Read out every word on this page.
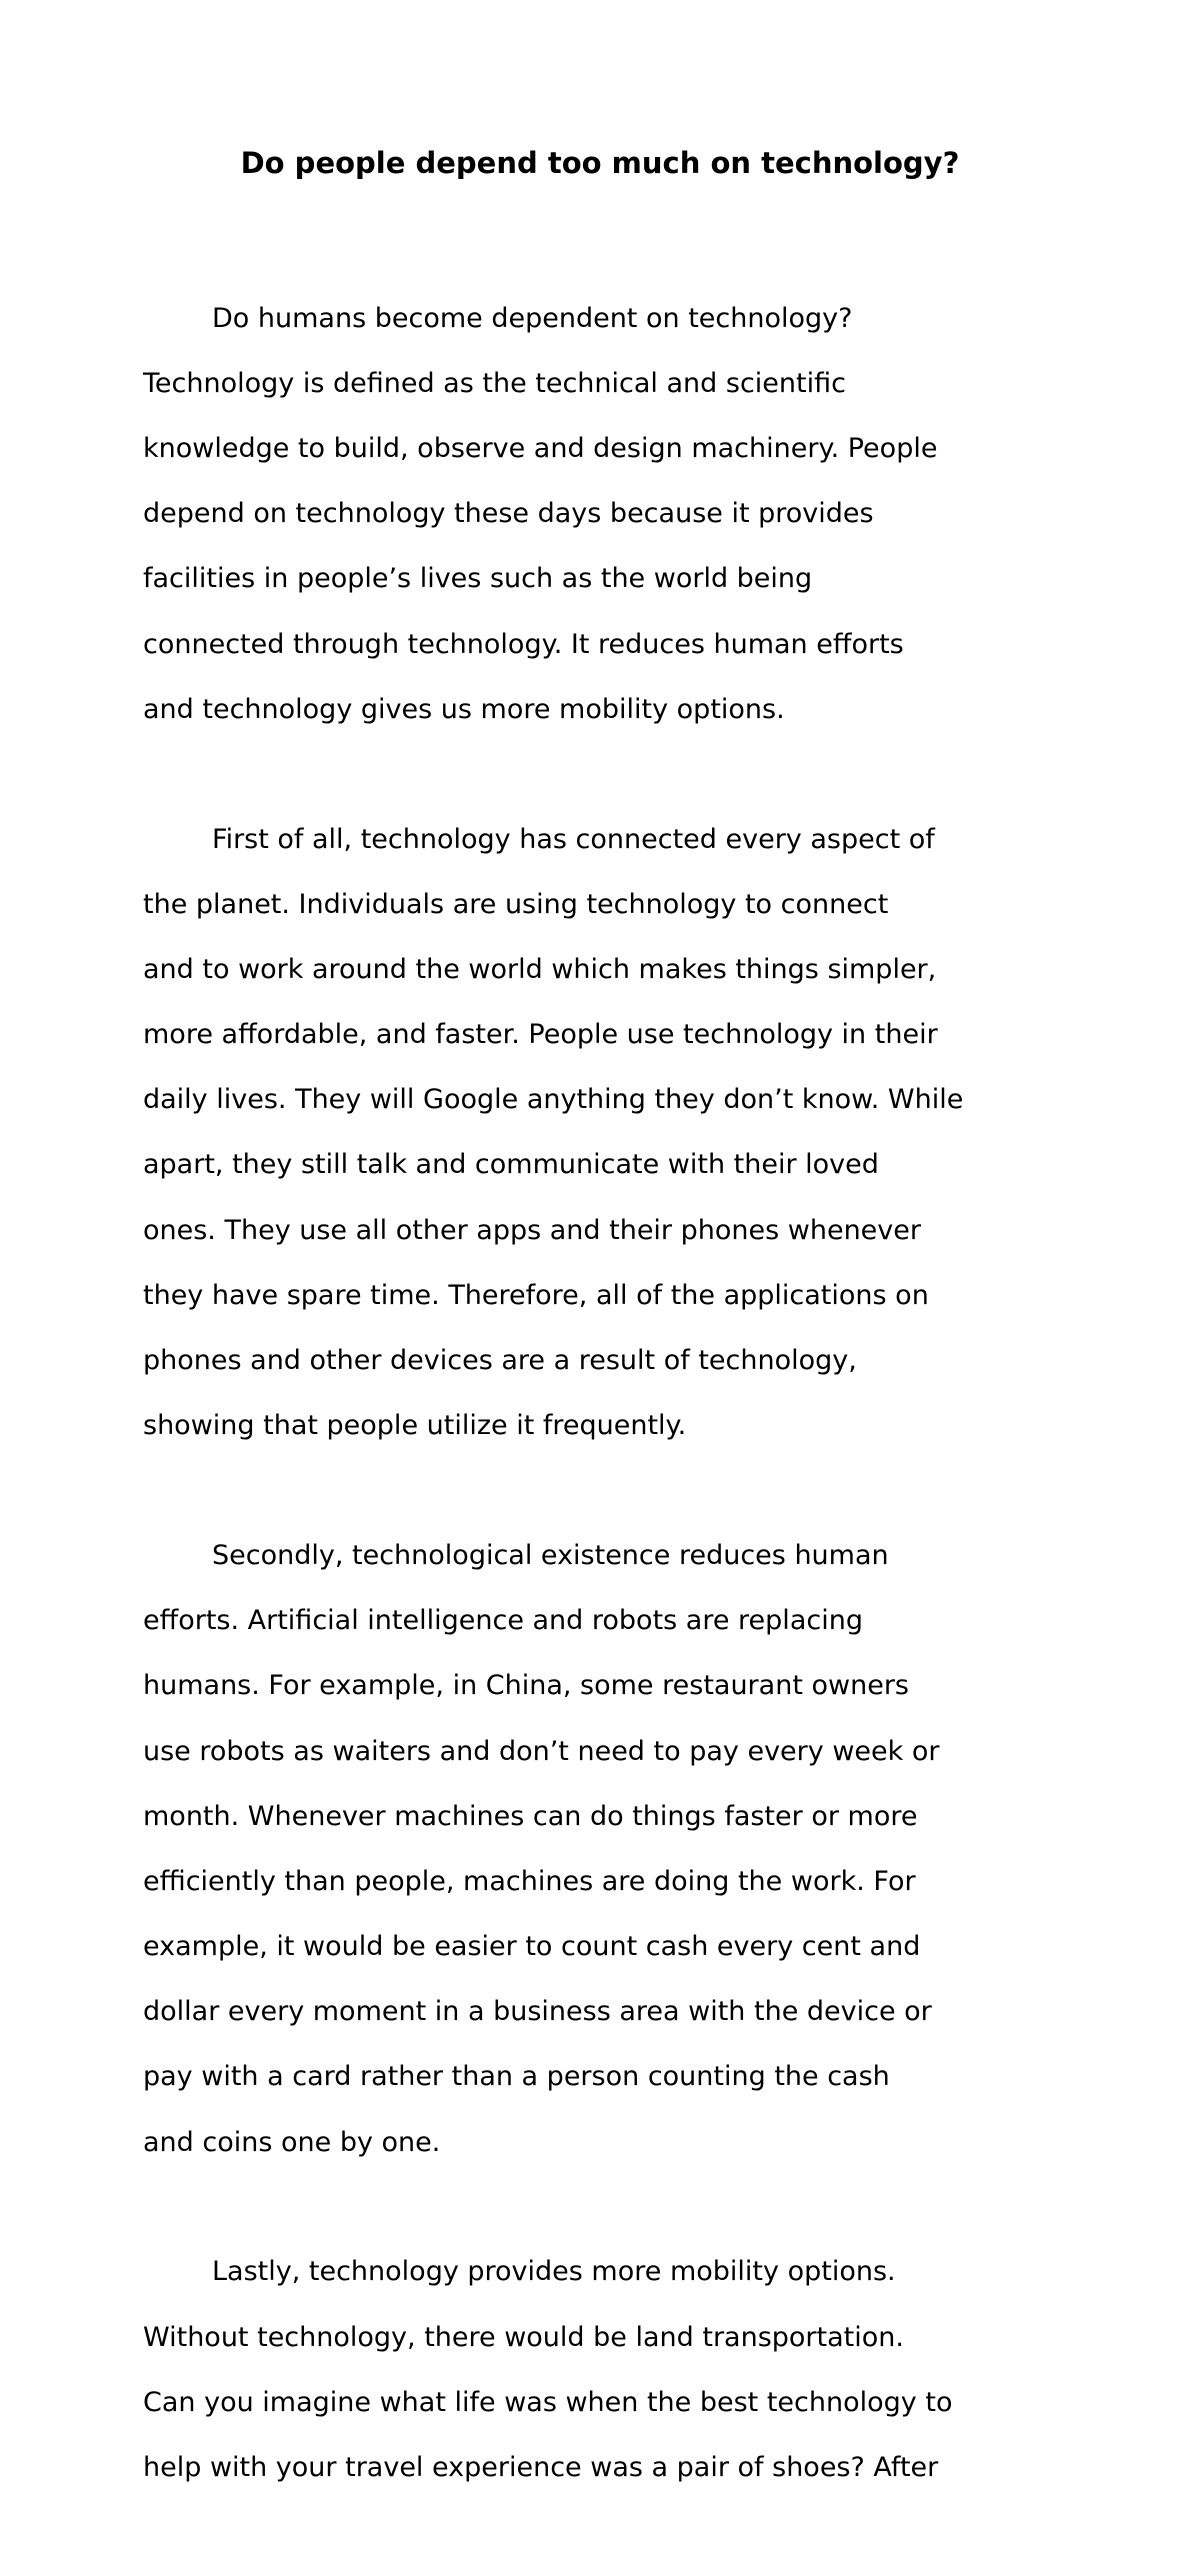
Do people depend too much on technology?

Do humans become dependent on technology?

Technology is defined as the technical and scientific

knowledge to build, observe and design machinery. People

depend on technology these days because it provides

facilities in people’s lives such as the world being

connected through technology. It reduces human efforts

and technology gives us more mobility options.

First of all, technology has connected every aspect of

the planet. Individuals are using technology to connect

and to work around the world which makes things simpler,

more affordable, and faster. People use technology in their

daily lives. They will Google anything they don’t know. While

apart, they still talk and communicate with their loved

ones. They use all other apps and their phones whenever

they have spare time. Therefore, all of the applications on

phones and other devices are a result of technology,

showing that people utilize it frequently.

Secondly, technological existence reduces human

efforts. Artificial intelligence and robots are replacing

humans. For example, in China, some restaurant owners

use robots as waiters and don’t need to pay every week or

month. Whenever machines can do things faster or more

efficiently than people, machines are doing the work. For

example, it would be easier to count cash every cent and

dollar every moment in a business area with the device or

pay with a card rather than a person counting the cash

and coins one by one.

Lastly, technology provides more mobility options.

Without technology, there would be land transportation.

Can you imagine what life was when the best technology to

help with your travel experience was a pair of shoes? After
